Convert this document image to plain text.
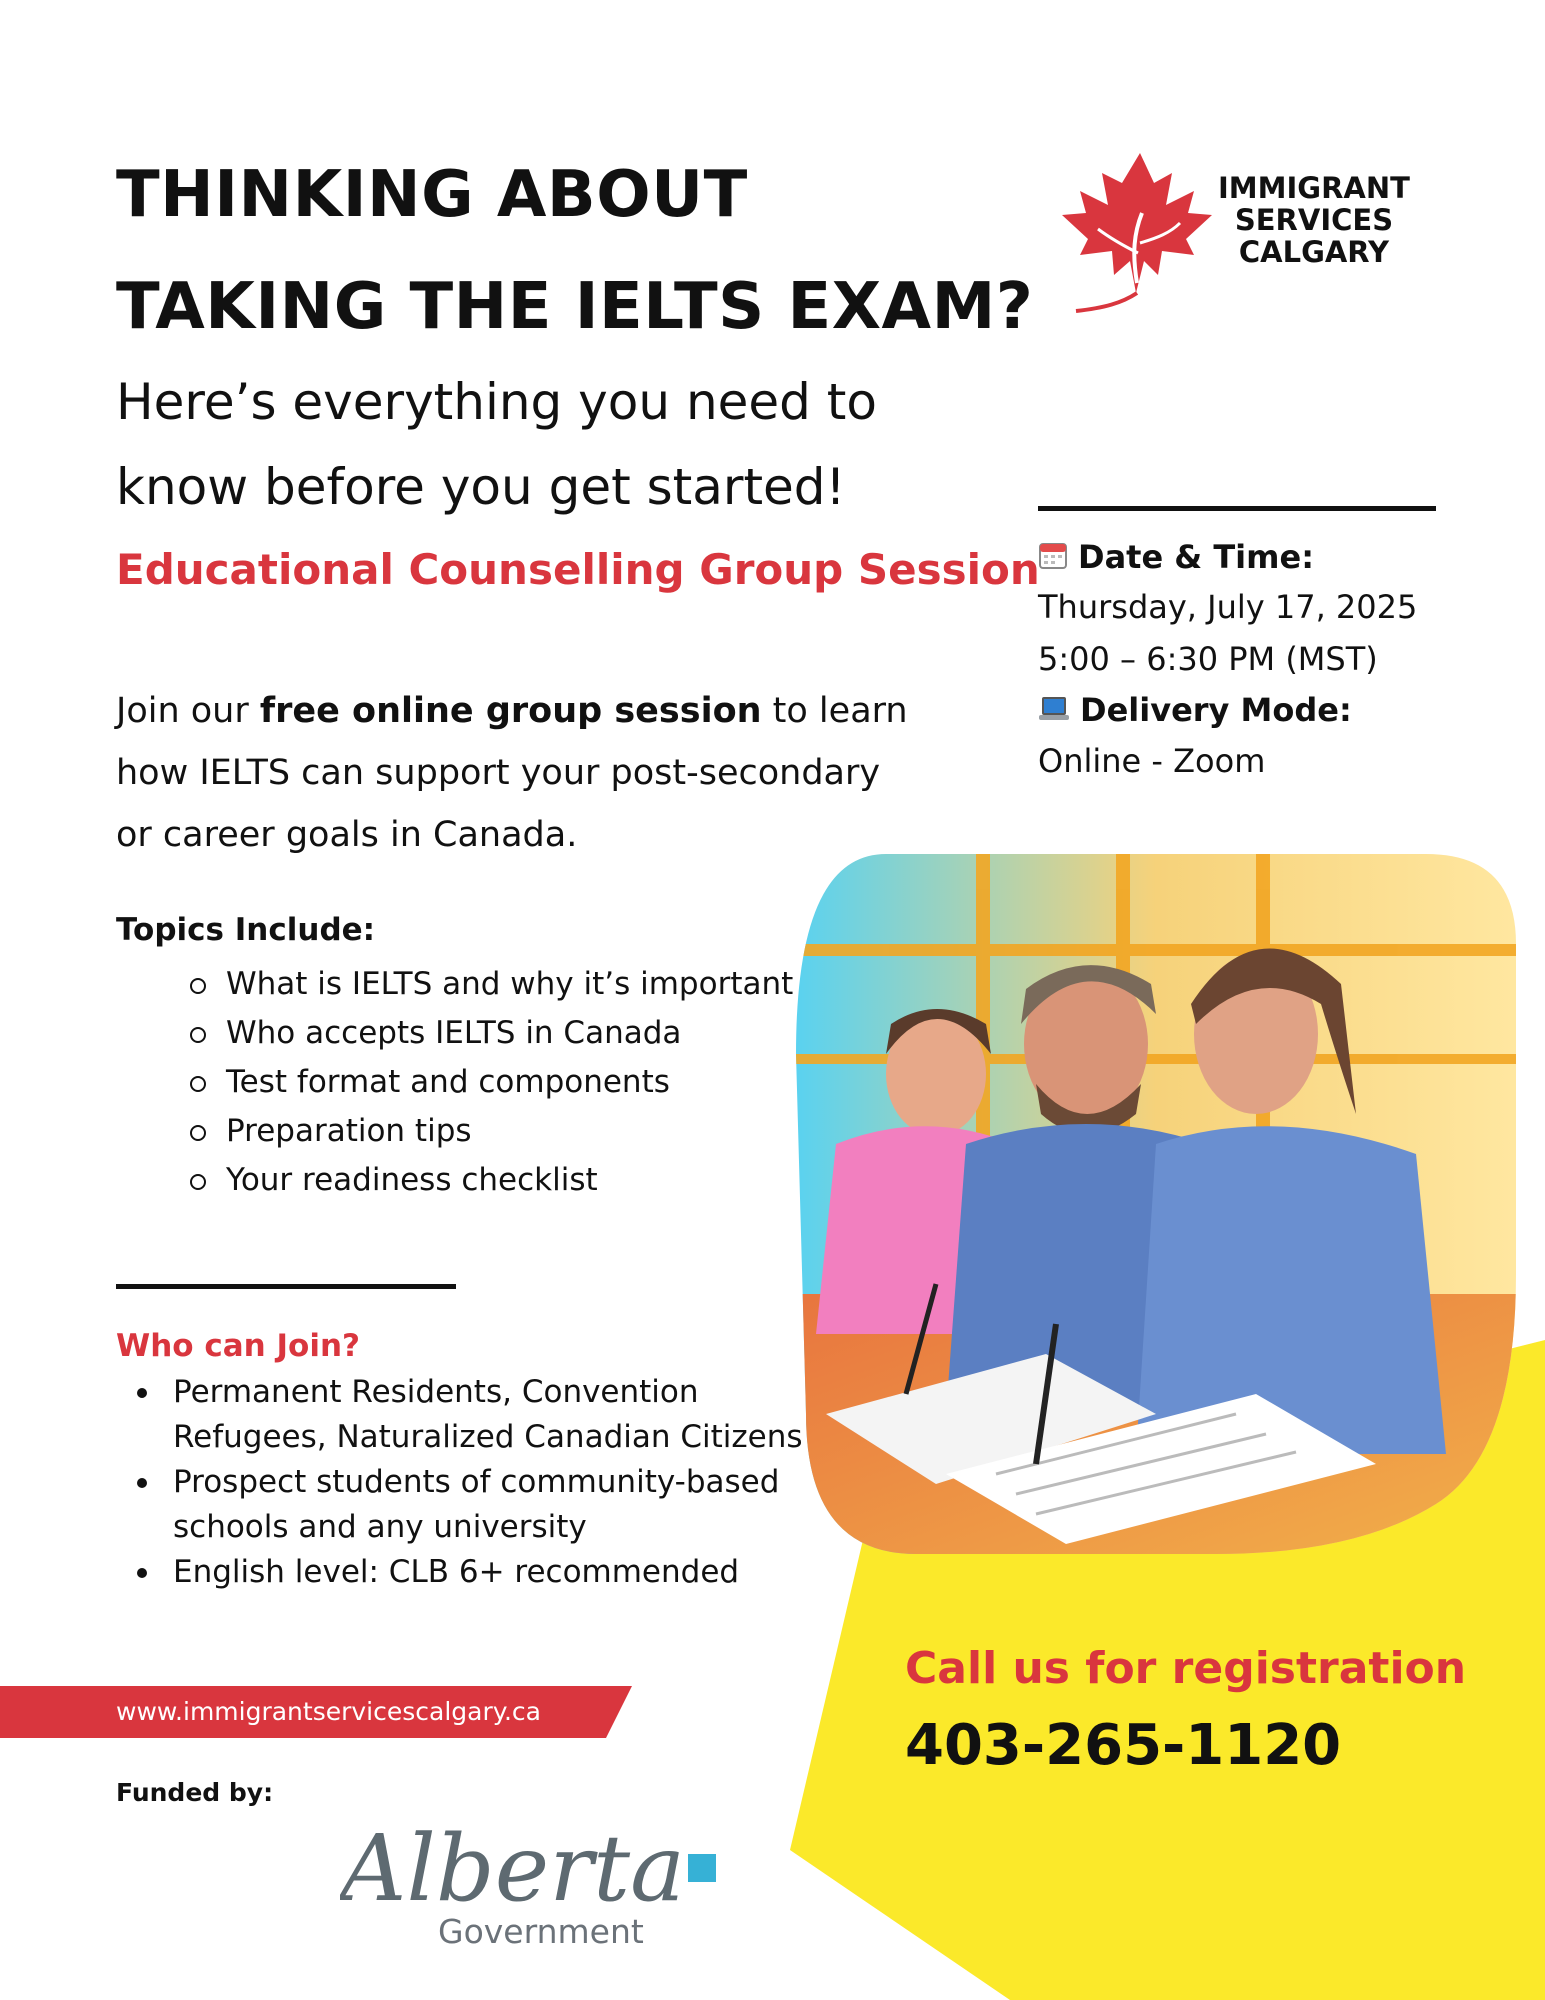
THINKING ABOUT
TAKING THE IELTS EXAM?
Here’s everything you need to
know before you get started!
Educational Counselling Group Session
Join our free online group session to learn how IELTS can support your post-secondary or career goals in Canada.
Topics Include:
What is IELTS and why it’s important
Who accepts IELTS in Canada
Test format and components
Preparation tips
Your readiness checklist
Who can Join?
Permanent Residents, Convention Refugees, Naturalized Canadian Citizens
Prospect students of community-based schools and any university
English level: CLB 6+ recommended
IMMIGRANT
SERVICES
CALGARY
Date & Time:
Thursday, July 17, 2025
5:00 – 6:30 PM (MST)
Delivery Mode:
Online - Zoom
Call us for registration
403-265-1120
www.immigrantservicescalgary.ca
Funded by:
Alberta
Government
